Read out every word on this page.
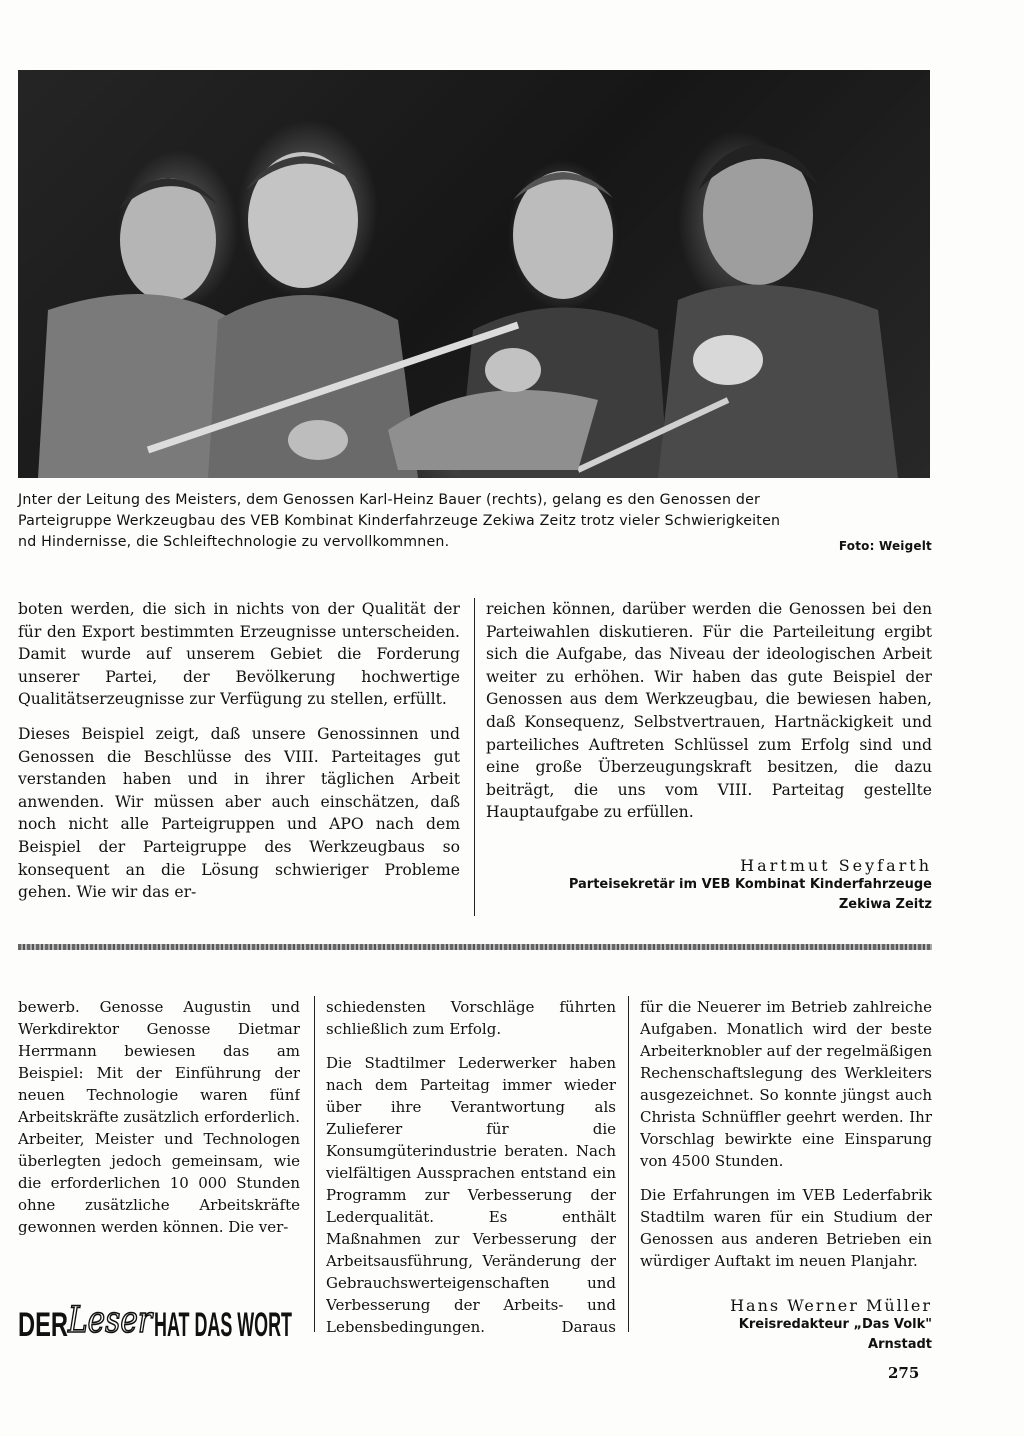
Jnter der Leitung des Meisters, dem Genossen Karl-Heinz Bauer (rechts), gelang es den Genossen der

Parteigruppe Werkzeugbau des VEB Kombinat Kinderfahrzeuge Zekiwa Zeitz trotz vieler Schwierigkeiten

nd Hindernisse, die Schleiftechnologie zu vervollkommnen.	Foto: Weigelt

boten werden, die sich in nichts von der Qualität der für den Export bestimmten Erzeugnisse unterscheiden. Damit wurde auf unserem Gebiet die Forderung unserer Partei, der Bevölkerung hochwertige Qualitätserzeugnisse zur Verfügung zu stellen, erfüllt.

Dieses Beispiel zeigt, daß unsere Genossinnen und Genossen die Beschlüsse des VIII. Parteitages gut verstanden haben und in ihrer täglichen Arbeit anwenden. Wir müssen aber auch einschätzen, daß noch nicht alle Parteigruppen und APO nach dem Beispiel der Parteigruppe des Werkzeugbaus so konsequent an die Lösung schwieriger Probleme gehen. Wie wir das er-

reichen können, darüber werden die Genossen bei den Parteiwahlen diskutieren. Für die Parteileitung ergibt sich die Aufgabe, das Niveau der ideologischen Arbeit weiter zu erhöhen. Wir haben das gute Beispiel der Genossen aus dem Werkzeugbau, die bewiesen haben, daß Konsequenz, Selbstvertrauen, Hartnäckigkeit und parteiliches Auftreten Schlüssel zum Erfolg sind und eine große Überzeugungskraft besitzen, die dazu beiträgt, die uns vom VIII. Parteitag gestellte Hauptaufgabe zu erfüllen.

Hartmut Seyfarth
Parteisekretär im VEB Kombinat Kinderfahrzeuge
Zekiwa Zeitz

bewerb. Genosse Augustin und Werkdirektor Genosse Dietmar Herrmann bewiesen das am Beispiel: Mit der Einführung der neuen Technologie waren fünf Arbeitskräfte zusätzlich erforderlich. Arbeiter, Meister und Technologen überlegten jedoch gemeinsam, wie die erforderlichen 10 000 Stunden ohne zusätzliche Arbeitskräfte gewonnen werden können. Die ver-

schiedensten Vorschläge führten schließlich zum Erfolg.

Die Stadtilmer Lederwerker haben nach dem Parteitag immer wieder über ihre Verantwortung als Zulieferer für die Konsumgüterindustrie beraten. Nach vielfältigen Aussprachen entstand ein Programm zur Verbesserung der Lederqualität. Es enthält Maßnahmen zur Verbesserung der Arbeitsausführung, Veränderung der Gebrauchswerteigenschaften und Verbesserung der Arbeits- und Lebensbedingungen. Daraus

für die Neuerer im Betrieb zahlreiche Aufgaben. Monatlich wird der beste Arbeiterknobler auf der regelmäßigen Rechenschaftslegung des Werkleiters ausgezeichnet. So konnte jüngst auch Christa Schnüffler geehrt werden. Ihr Vorschlag bewirkte eine Einsparung von 4500 Stunden.

Die Erfahrungen im VEB Lederfabrik Stadtilm waren für ein Studium der Genossen aus anderen Betrieben ein würdiger Auftakt im neuen Planjahr.

Hans Werner Müller
Kreisredakteur „Das Volk"
Arnstadt
DER Leser HAT DAS WORT
275
